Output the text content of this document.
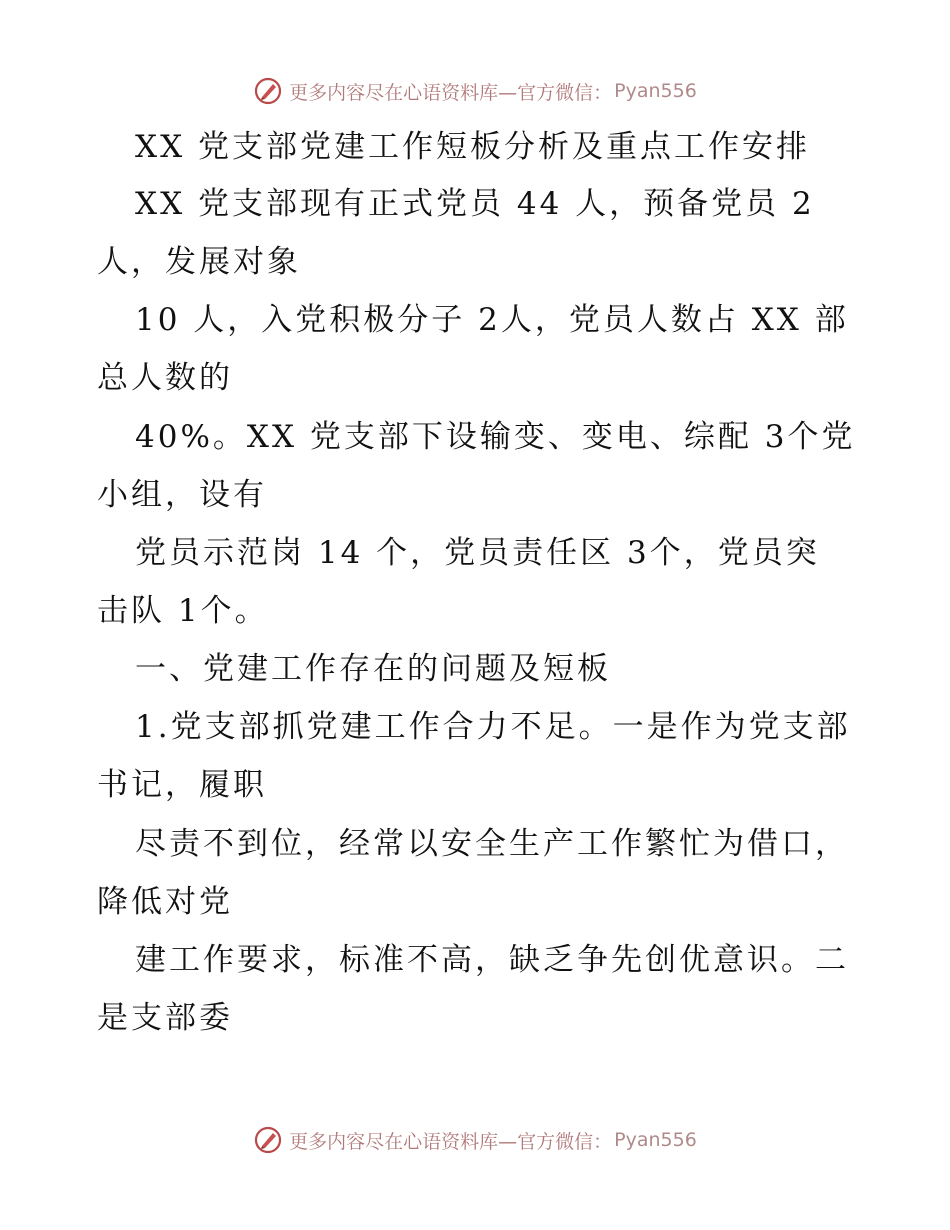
更多内容尽在心语资料库—官方微信： Pyan556
XX 党支部党建工作短板分析及重点工作安排
XX 党支部现有正式党员 44 人，预备党员 2
人，发展对象
10 人，入党积极分子 2人，党员人数占 XX 部
总人数的
40%。XX 党支部下设输变、变电、综配 3个党
小组，设有
党员示范岗 14 个，党员责任区 3个，党员突
击队 1个。
一、党建工作存在的问题及短板
1.党支部抓党建工作合力不足。一是作为党支部
书记，履职
尽责不到位，经常以安全生产工作繁忙为借口，
降低对党
建工作要求，标准不高，缺乏争先创优意识。二
是支部委
更多内容尽在心语资料库—官方微信： Pyan556
